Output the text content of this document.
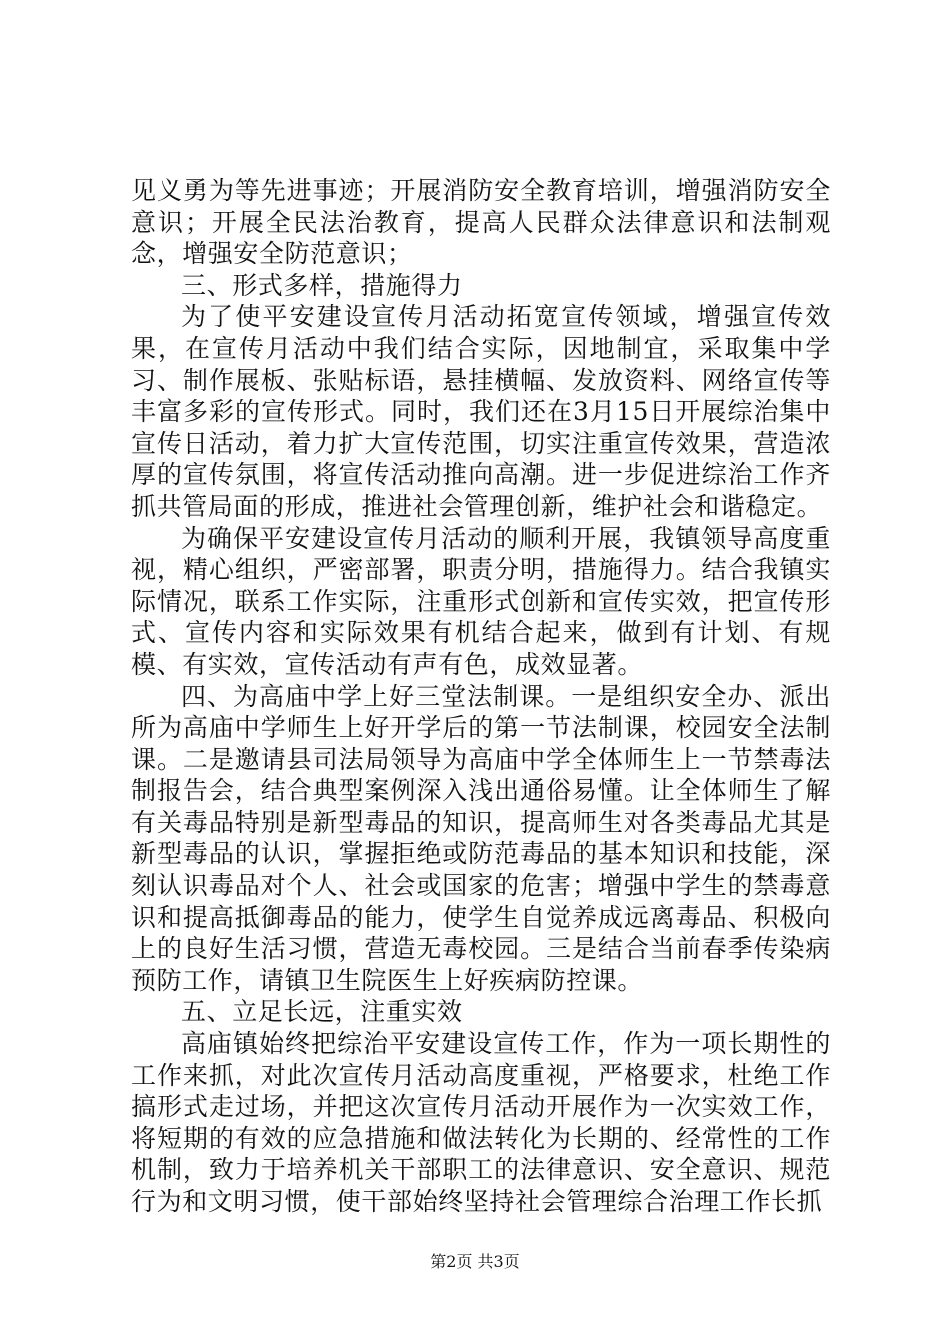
见义勇为等先进事迹；开展消防安全教育培训，增强消防安全意识；开展全民法治教育，提高人民群众法律意识和法制观念，增强安全防范意识；

三、形式多样，措施得力

为了使平安建设宣传月活动拓宽宣传领域，增强宣传效果，在宣传月活动中我们结合实际，因地制宜，采取集中学习、制作展板、张贴标语，悬挂横幅、发放资料、网络宣传等丰富多彩的宣传形式。同时，我们还在3月15日开展综治集中宣传日活动，着力扩大宣传范围，切实注重宣传效果，营造浓厚的宣传氛围，将宣传活动推向高潮。进一步促进综治工作齐抓共管局面的形成，推进社会管理创新，维护社会和谐稳定。

为确保平安建设宣传月活动的顺利开展，我镇领导高度重视，精心组织，严密部署，职责分明，措施得力。结合我镇实际情况，联系工作实际，注重形式创新和宣传实效，把宣传形式、宣传内容和实际效果有机结合起来，做到有计划、有规模、有实效，宣传活动有声有色，成效显著。

四、为高庙中学上好三堂法制课。一是组织安全办、派出所为高庙中学师生上好开学后的第一节法制课，校园安全法制课。二是邀请县司法局领导为高庙中学全体师生上一节禁毒法制报告会，结合典型案例深入浅出通俗易懂。让全体师生了解有关毒品特别是新型毒品的知识，提高师生对各类毒品尤其是新型毒品的认识，掌握拒绝或防范毒品的基本知识和技能，深刻认识毒品对个人、社会或国家的危害；增强中学生的禁毒意识和提高抵御毒品的能力，使学生自觉养成远离毒品、积极向上的良好生活习惯，营造无毒校园。三是结合当前春季传染病预防工作，请镇卫生院医生上好疾病防控课。

五、立足长远，注重实效

高庙镇始终把综治平安建设宣传工作，作为一项长期性的工作来抓，对此次宣传月活动高度重视，严格要求，杜绝工作搞形式走过场，并把这次宣传月活动开展作为一次实效工作，将短期的有效的应急措施和做法转化为长期的、经常性的工作机制，致力于培养机关干部职工的法律意识、安全意识、规范行为和文明习惯，使干部始终坚持社会管理综合治理工作长抓

第2页 共3页
